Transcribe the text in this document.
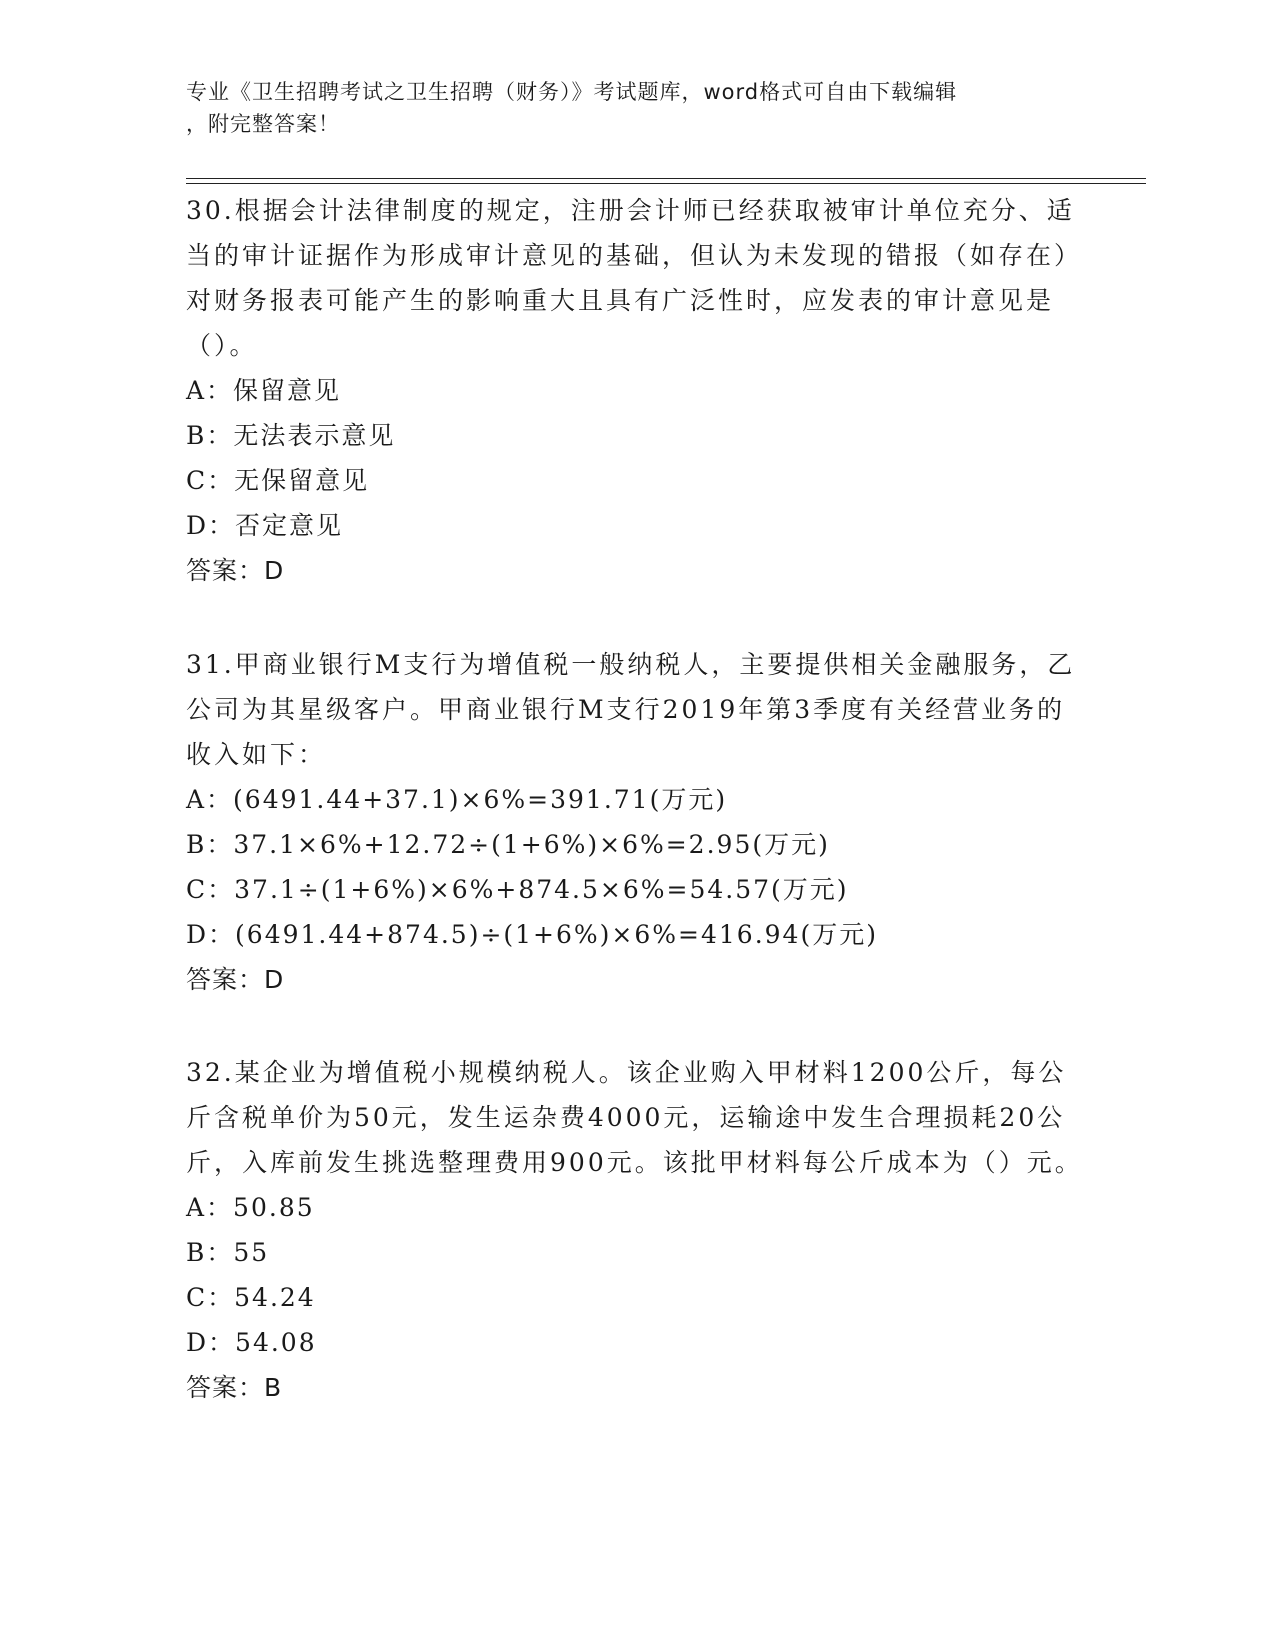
专业《卫生招聘考试之卫生招聘（财务）》考试题库，word格式可自由下载编辑
，附完整答案！

30.根据会计法律制度的规定，注册会计师已经获取被审计单位充分、适当的审计证据作为形成审计意见的基础，但认为未发现的错报（如存在）对财务报表可能产生的影响重大且具有广泛性时，应发表的审计意见是（）。

A：保留意见
B：无法表示意见
C：无保留意见
D：否定意见
答案：D

31.甲商业银行M支行为增值税一般纳税人，主要提供相关金融服务，乙公司为其星级客户。甲商业银行M支行2019年第3季度有关经营业务的收入如下：

A：(6491.44+37.1)×6%=391.71(万元)
B：37.1×6%+12.72÷(1+6%)×6%=2.95(万元)
C：37.1÷(1+6%)×6%+874.5×6%=54.57(万元)
D：(6491.44+874.5)÷(1+6%)×6%=416.94(万元)
答案：D

32.某企业为增值税小规模纳税人。该企业购入甲材料1200公斤，每公斤含税单价为50元，发生运杂费4000元，运输途中发生合理损耗20公斤，入库前发生挑选整理费用900元。该批甲材料每公斤成本为（）元。

A：50.85
B：55
C：54.24
D：54.08
答案：B
